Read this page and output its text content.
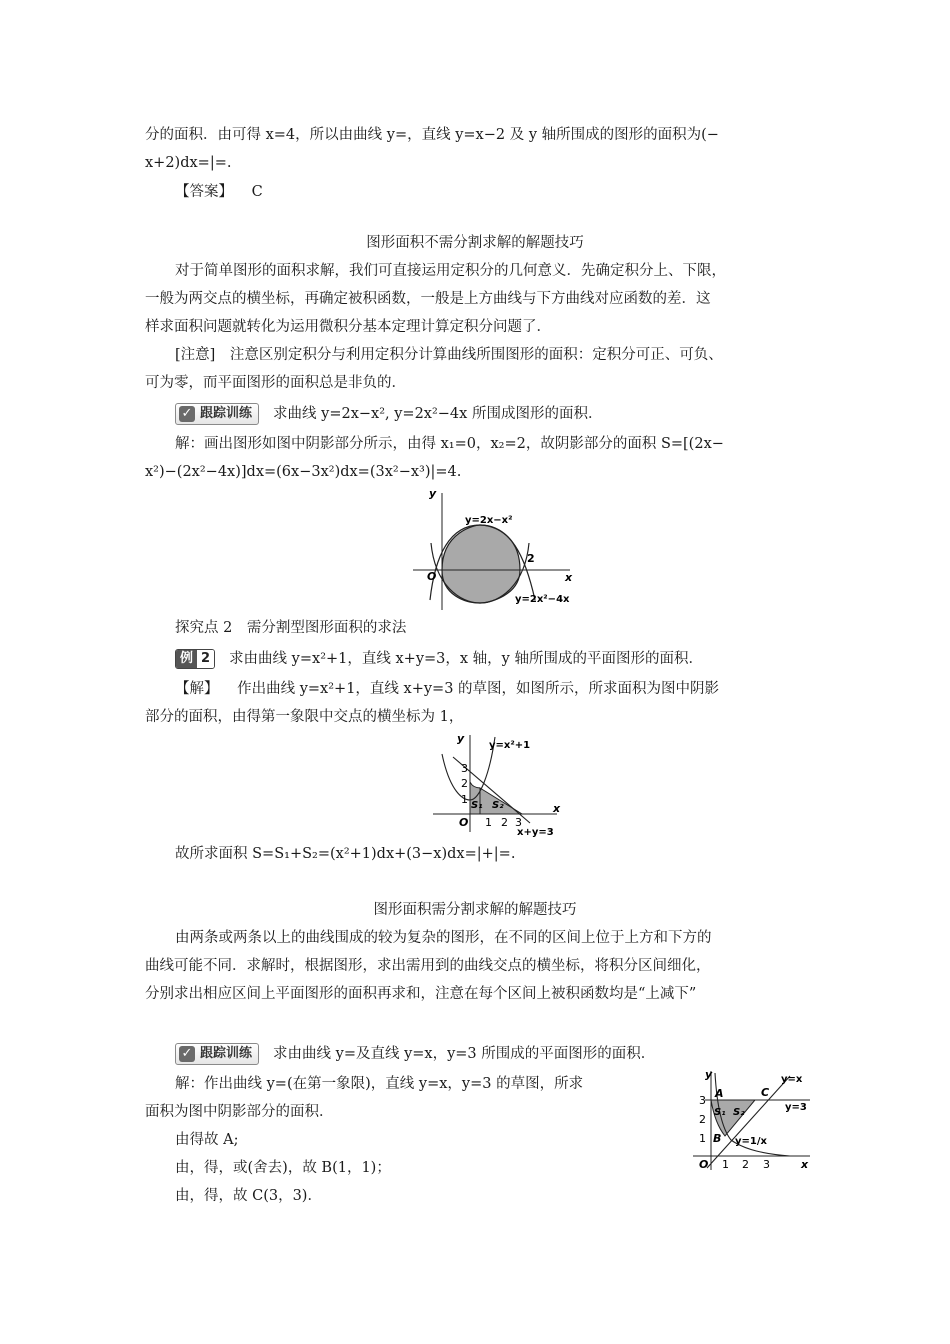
分的面积．由可得 x=4，所以由曲线 y=，直线 y=x−2 及 y 轴所围成的图形的面积为(−
x+2)dx=|=.
【答案】 C
图形面积不需分割求解的解题技巧
对于简单图形的面积求解，我们可直接运用定积分的几何意义．先确定积分上、下限，
一般为两交点的横坐标，再确定被积函数，一般是上方曲线与下方曲线对应函数的差．这
样求面积问题就转化为运用微积分基本定理计算定积分问题了．
[注意]　注意区别定积分与利用定积分计算曲线所围图形的面积：定积分可正、可负、
可为零，而平面图形的面积总是非负的．
✓ 跟踪训练 求曲线 y=2x−x², y=2x²−4x 所围成图形的面积．
解：画出图形如图中阴影部分所示，由得 x₁=0，x₂=2，故阴影部分的面积 S=[(2x−
x²)−(2x²−4x)]dx=(6x−3x²)dx=(3x²−x³)|=4.
y
x
O
2
y=2x−x²
y=2x²−4x
探究点 2　需分割型图形面积的求法
例 2 求由曲线 y=x²+1，直线 x+y=3，x 轴，y 轴所围成的平面图形的面积．
【解】 作出曲线 y=x²+1，直线 x+y=3 的草图，如图所示，所求面积为图中阴影
部分的面积，由得第一象限中交点的横坐标为 1，
y
x
O
y=x²+1
x+y=3
3
2
1
1 2 3
S₁ S₂
故所求面积 S=S₁+S₂=(x²+1)dx+(3−x)dx=|+|=.
图形面积需分割求解的解题技巧
由两条或两条以上的曲线围成的较为复杂的图形，在不同的区间上位于上方和下方的
曲线可能不同．求解时，根据图形，求出需用到的曲线交点的横坐标，将积分区间细化，
分别求出相应区间上平面图形的面积再求和，注意在每个区间上被积函数均是“上减下”
✓ 跟踪训练 求由曲线 y=及直线 y=x，y=3 所围成的平面图形的面积．
解：作出曲线 y=(在第一象限)，直线 y=x，y=3 的草图，所求
面积为图中阴影部分的面积．
由得故 A;
由，得，或(舍去)，故 B(1，1)；
由，得，故 C(3，3)．
y
x
O
y=x
y=3
y=1/x
A
B
C
S₁ S₂
3
2
1
1 2 3
